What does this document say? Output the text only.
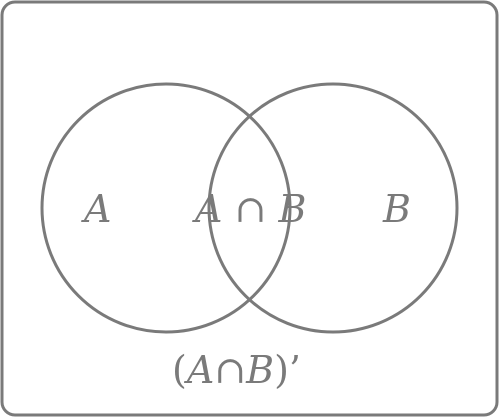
A A ∩ B B
(A∩B)’
